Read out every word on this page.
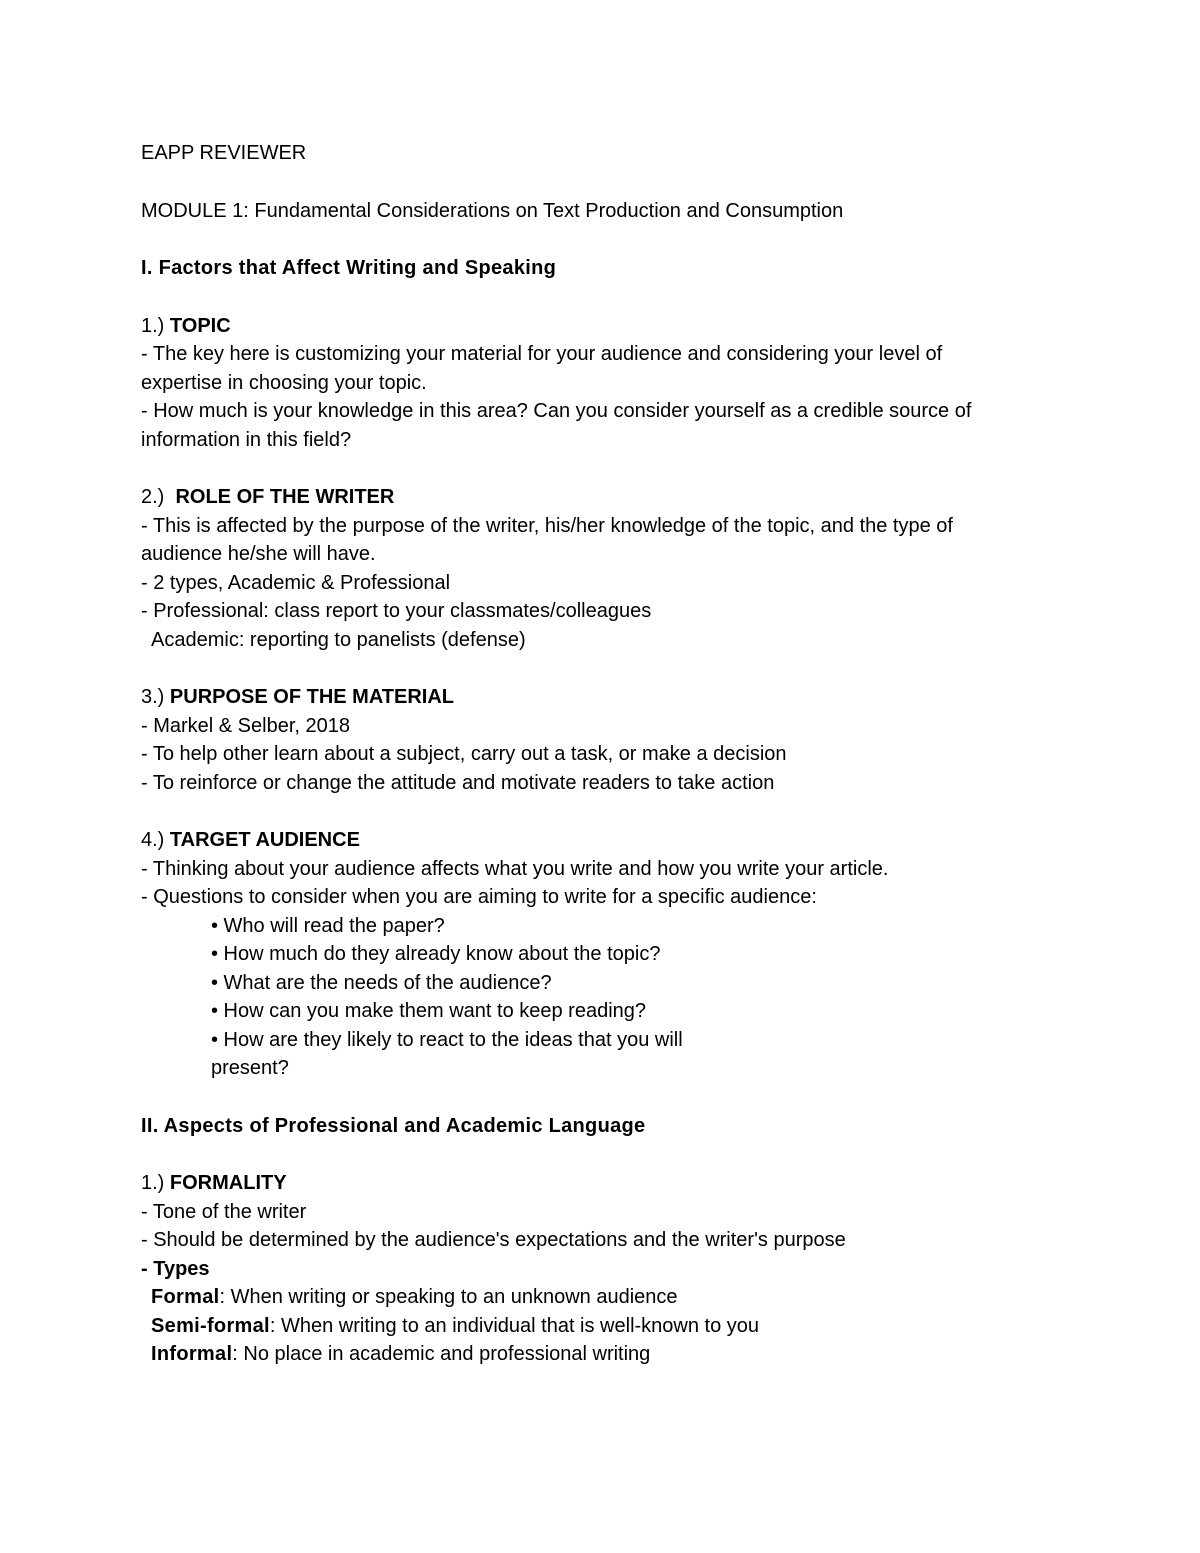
EAPP REVIEWER

MODULE 1: Fundamental Considerations on Text Production and Consumption

I. Factors that Affect Writing and Speaking

1.) TOPIC

- The key here is customizing your material for your audience and considering your level of

expertise in choosing your topic.

- How much is your knowledge in this area? Can you consider yourself as a credible source of

information in this field?

2.)  ROLE OF THE WRITER

- This is affected by the purpose of the writer, his/her knowledge of the topic, and the type of

audience he/she will have.

- 2 types, Academic & Professional

- Professional: class report to your classmates/colleagues

Academic: reporting to panelists (defense)

3.) PURPOSE OF THE MATERIAL

- Markel & Selber, 2018

- To help other learn about a subject, carry out a task, or make a decision

- To reinforce or change the attitude and motivate readers to take action

4.) TARGET AUDIENCE

- Thinking about your audience affects what you write and how you write your article.

- Questions to consider when you are aiming to write for a specific audience:

• Who will read the paper?

• How much do they already know about the topic?

• What are the needs of the audience?

• How can you make them want to keep reading?

• How are they likely to react to the ideas that you will

present?

II. Aspects of Professional and Academic Language

1.) FORMALITY

- Tone of the writer

- Should be determined by the audience's expectations and the writer's purpose

- Types

Formal: When writing or speaking to an unknown audience

Semi-formal: When writing to an individual that is well-known to you

Informal: No place in academic and professional writing
